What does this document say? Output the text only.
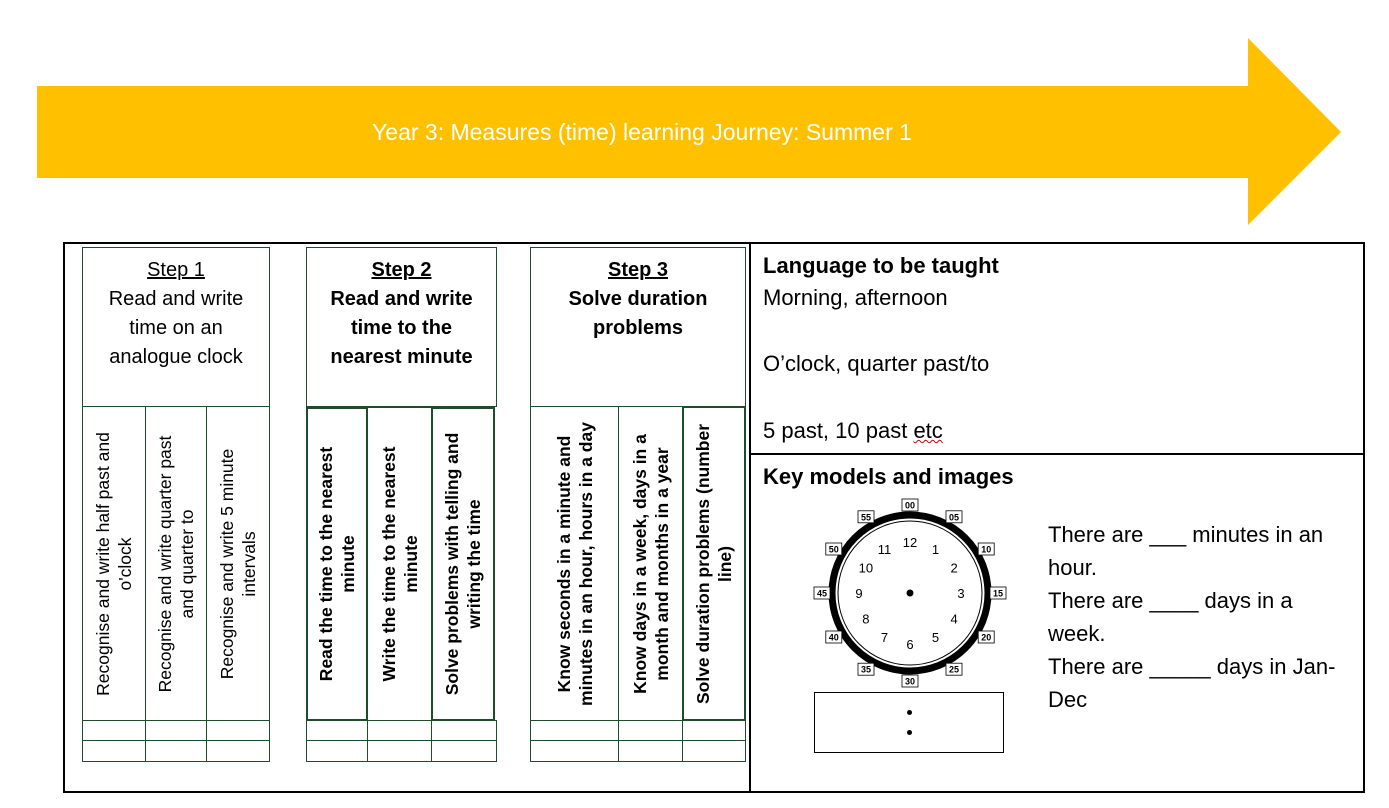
Year 3: Measures (time) learning Journey: Summer 1
Step 1
Read and write
time on an
analogue clock
Recognise and write half past and o'clock Recognise and write quarter past and quarter to Recognise and write 5 minute intervals
Step 2
Read and write
time to the
nearest minute
Read the time to the nearest minute Write the time to the nearest minute Solve problems with telling and writing the time
Step 3
Solve duration
problems
Know seconds in a minute and minutes in an hour, hours in a day Know days in a week, days in a month and months in a year Solve duration problems (number line)
Language to be taught
Morning, afternoon
O’clock, quarter past/to
5 past, 10 past etc
Key models and images
12 1
2
3
4
5
6
7
8
9
10
11
00
05
10
15
20
25
30
35
40
45
50
55
There are ___ minutes in an hour.
There are ____ days in a week.
There are _____ days in Jan-Dec
